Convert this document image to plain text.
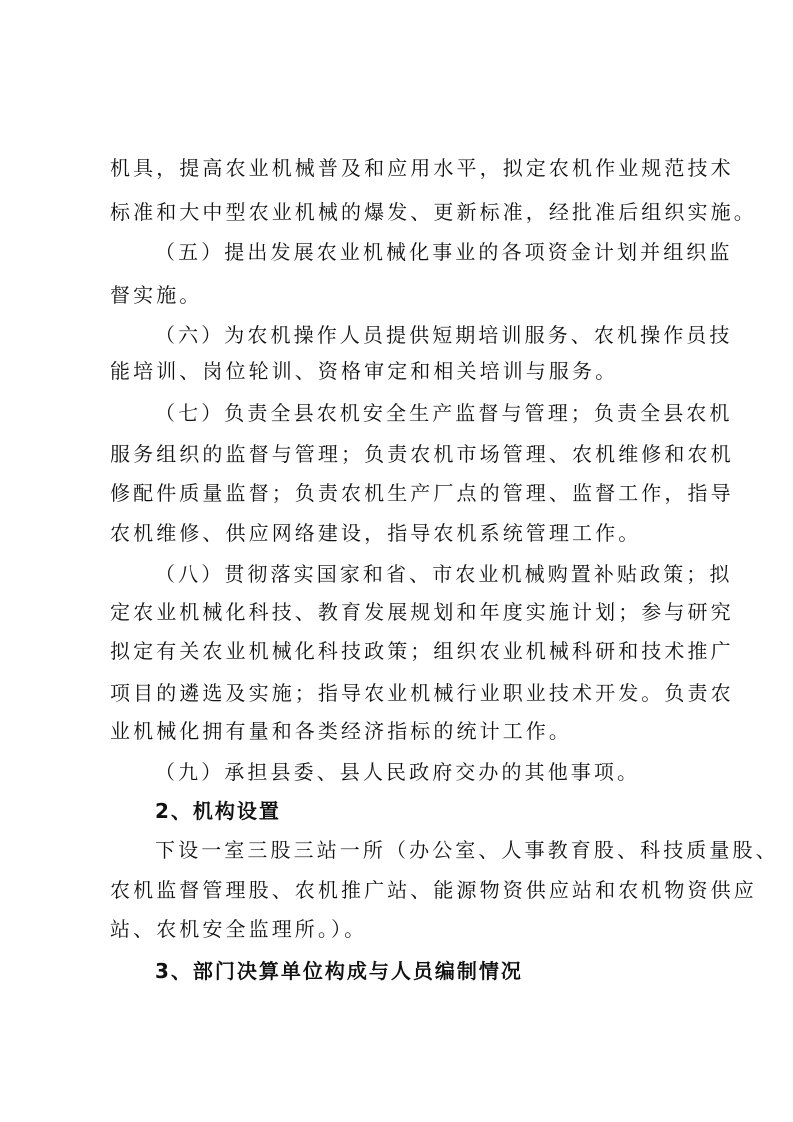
机具，提高农业机械普及和应用水平，拟定农机作业规范技术
标准和大中型农业机械的爆发、更新标准，经批准后组织实施。
（五）提出发展农业机械化事业的各项资金计划并组织监
督实施。
（六）为农机操作人员提供短期培训服务、农机操作员技
能培训、岗位轮训、资格审定和相关培训与服务。
（七）负责全县农机安全生产监督与管理；负责全县农机
服务组织的监督与管理；负责农机市场管理、农机维修和农机
修配件质量监督；负责农机生产厂点的管理、监督工作，指导
农机维修、供应网络建设，指导农机系统管理工作。
（八）贯彻落实国家和省、市农业机械购置补贴政策；拟
定农业机械化科技、教育发展规划和年度实施计划；参与研究
拟定有关农业机械化科技政策；组织农业机械科研和技术推广
项目的遴选及实施；指导农业机械行业职业技术开发。负责农
业机械化拥有量和各类经济指标的统计工作。
（九）承担县委、县人民政府交办的其他事项。
2、机构设置
下设一室三股三站一所（办公室、人事教育股、科技质量股、
农机监督管理股、农机推广站、能源物资供应站和农机物资供应
站、农机安全监理所。）。
3、部门决算单位构成与人员编制情况
